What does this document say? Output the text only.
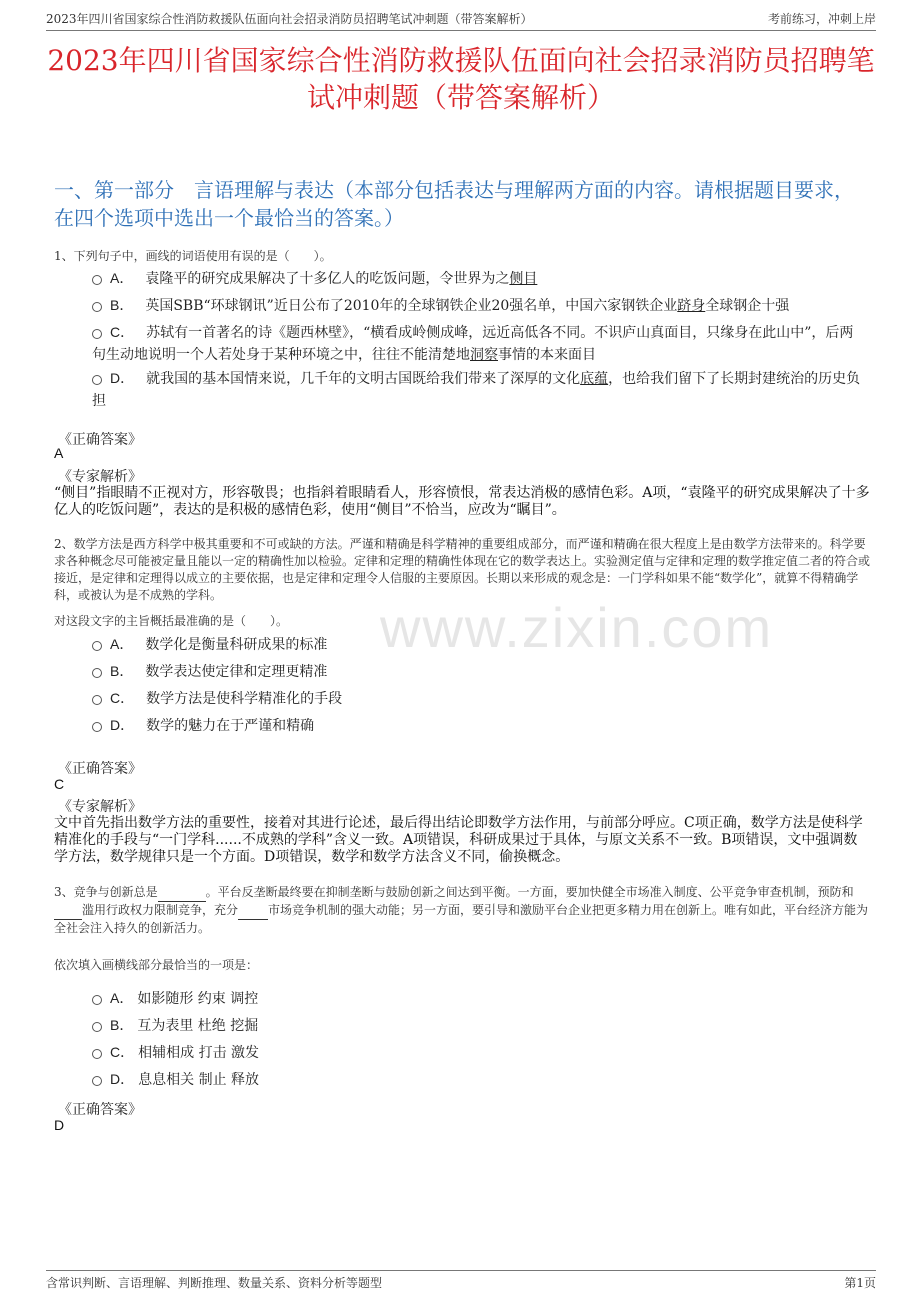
2023年四川省国家综合性消防救援队伍面向社会招录消防员招聘笔试冲刺题（带答案解析）	考前练习，冲刺上岸
2023年四川省国家综合性消防救援队伍面向社会招录消防员招聘笔试冲刺题（带答案解析）
一、第一部分　言语理解与表达（本部分包括表达与理解两方面的内容。请根据题目要求，在四个选项中选出一个最恰当的答案。）
www.zixin.com
1、下列句子中，画线的词语使用有误的是（　　）。
A． 袁隆平的研究成果解决了十多亿人的吃饭问题，令世界为之侧目
B． 英国SBB“环球钢讯”近日公布了2010年的全球钢铁企业20强名单，中国六家钢铁企业跻身全球钢企十强
C． 苏轼有一首著名的诗《题西林壁》，“横看成岭侧成峰，远近高低各不同。不识庐山真面目，只缘身在此山中”，后两句生动地说明一个人若处身于某种环境之中，往往不能清楚地洞察事情的本来面目
D． 就我国的基本国情来说，几千年的文明古国既给我们带来了深厚的文化底蕴，也给我们留下了长期封建统治的历史负担
《正确答案》
A
《专家解析》
“侧目”指眼睛不正视对方，形容敬畏；也指斜着眼睛看人，形容愤恨，常表达消极的感情色彩。A项，“袁隆平的研究成果解决了十多亿人的吃饭问题”，表达的是积极的感情色彩，使用“侧目”不恰当，应改为“瞩目”。
2、数学方法是西方科学中极其重要和不可或缺的方法。严谨和精确是科学精神的重要组成部分，而严谨和精确在很大程度上是由数学方法带来的。科学要求各种概念尽可能被定量且能以一定的精确性加以检验。定律和定理的精确性体现在它的数学表达上。实验测定值与定律和定理的数学推定值二者的符合或接近，是定律和定理得以成立的主要依据，也是定律和定理令人信服的主要原因。长期以来形成的观念是：一门学科如果不能“数学化”，就算不得精确学科，或被认为是不成熟的学科。
对这段文字的主旨概括最准确的是（　　）。
A． 数学化是衡量科研成果的标准
B． 数学表达使定律和定理更精准
C． 数学方法是使科学精准化的手段
D． 数学的魅力在于严谨和精确
《正确答案》
C
《专家解析》
文中首先指出数学方法的重要性，接着对其进行论述，最后得出结论即数学方法作用，与前部分呼应。C项正确，数学方法是使科学精准化的手段与“一门学科......不成熟的学科”含义一致。A项错误，科研成果过于具体，与原文关系不一致。B项错误，文中强调数学方法，数学规律只是一个方面。D项错误，数学和数学方法含义不同，偷换概念。
3、竞争与创新总是	。平台反垄断最终要在抑制垄断与鼓励创新之间达到平衡。一方面，要加快健全市场准入制度、公平竞争审查机制，预防和 滥用行政权力限制竞争，充分	市场竞争机制的强大动能；另一方面，要引导和激励平台企业把更多精力用在创新上。唯有如此，平台经济方能为全社会注入持久的创新活力。
依次填入画横线部分最恰当的一项是：
A． 如影随形 约束 调控
B． 互为表里 杜绝 挖掘
C． 相辅相成 打击 激发
D． 息息相关 制止 释放
《正确答案》
D
含常识判断、言语理解、判断推理、数量关系、资料分析等题型	第1页
